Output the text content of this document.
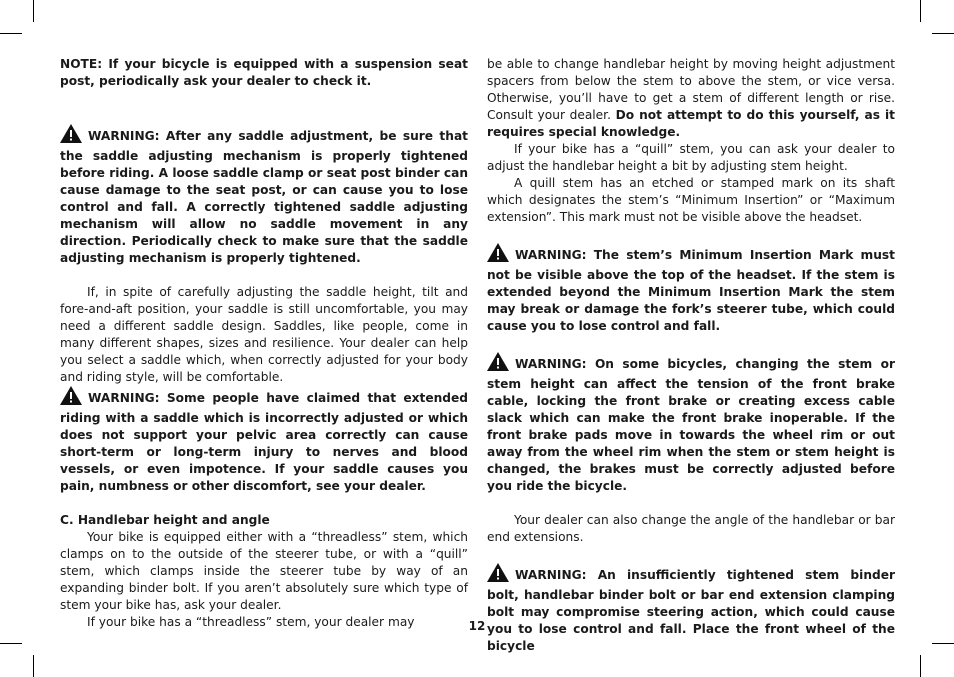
NOTE: If your bicycle is equipped with a suspension seat post, periodically ask your dealer to check it.

WARNING: After any saddle adjustment, be sure that the saddle adjusting mechanism is properly tightened before riding. A loose saddle clamp or seat post binder can cause damage to the seat post, or can cause you to lose control and fall. A correctly tightened saddle adjusting mechanism will allow no saddle movement in any direction. Periodically check to make sure that the saddle adjusting mechanism is properly tightened.

If, in spite of carefully adjusting the saddle height, tilt and fore-and-aft position, your saddle is still uncomfortable, you may need a different saddle design. Saddles, like people, come in many different shapes, sizes and resilience. Your dealer can help you select a saddle which, when correctly adjusted for your body and riding style, will be comfortable.

WARNING: Some people have claimed that extended riding with a saddle which is incorrectly adjusted or which does not support your pelvic area correctly can cause short-term or long-term injury to nerves and blood vessels, or even impotence. If your saddle causes you pain, numbness or other discomfort, see your dealer.

C. Handlebar height and angle

Your bike is equipped either with a “threadless” stem, which clamps on to the outside of the steerer tube, or with a “quill” stem, which clamps inside the steerer tube by way of an expanding binder bolt. If you aren’t absolutely sure which type of stem your bike has, ask your dealer.

If your bike has a “threadless” stem, your dealer may

be able to change handlebar height by moving height adjustment spacers from below the stem to above the stem, or vice versa. Otherwise, you’ll have to get a stem of different length or rise. Consult your dealer. Do not attempt to do this yourself, as it requires special knowledge.

If your bike has a “quill” stem, you can ask your dealer to adjust the handlebar height a bit by adjusting stem height.

A quill stem has an etched or stamped mark on its shaft which designates the stem’s “Minimum Insertion” or “Maximum extension”. This mark must not be visible above the headset.

WARNING: The stem’s Minimum Insertion Mark must not be visible above the top of the headset. If the stem is extended beyond the Minimum Insertion Mark the stem may break or damage the fork’s steerer tube, which could cause you to lose control and fall.

WARNING: On some bicycles, changing the stem or stem height can affect the tension of the front brake cable, locking the front brake or creating excess cable slack which can make the front brake inoperable. If the front brake pads move in towards the wheel rim or out away from the wheel rim when the stem or stem height is changed, the brakes must be correctly adjusted before you ride the bicycle.

Your dealer can also change the angle of the handlebar or bar end extensions.

WARNING: An insufficiently tightened stem binder bolt, handlebar binder bolt or bar end extension clamping bolt may compromise steering action, which could cause you to lose control and fall. Place the front wheel of the bicycle

12
